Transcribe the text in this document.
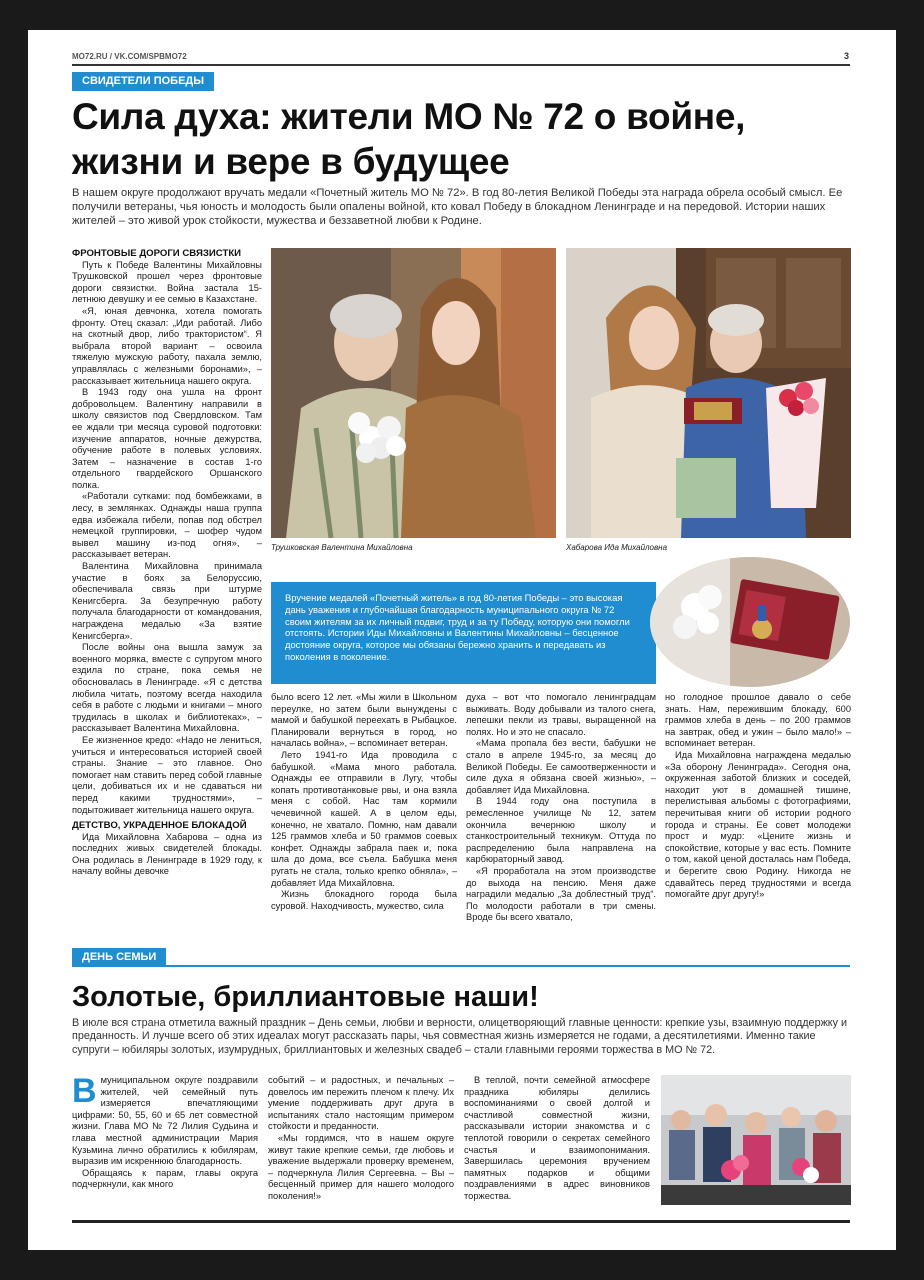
MO72.RU / VK.COM/SPBMO72	3
СВИДЕТЕЛИ ПОБЕДЫ
Сила духа: жители МО № 72 о войне, жизни и вере в будущее
В нашем округе продолжают вручать медали «Почетный житель МО № 72». В год 80-летия Великой Победы эта награда обрела особый смысл. Ее получили ветераны, чья юность и молодость были опалены войной, кто ковал Победу в блокадном Ленинграде и на передовой. Истории наших жителей – это живой урок стойкости, мужества и беззаветной любви к Родине.

ФРОНТОВЫЕ ДОРОГИ СВЯЗИСТКИ

Путь к Победе Валентины Михайловны Трушковской прошел через фронтовые дороги связистки. Война застала 15-летнюю девушку и ее семью в Казахстане.

«Я, юная девчонка, хотела помогать фронту. Отец сказал: „Иди работай. Либо на скотный двор, либо трактористом“. Я выбрала второй вариант – освоила тяжелую мужскую работу, пахала землю, управлялась с железными боронами», – рассказывает жительница нашего округа.

В 1943 году она ушла на фронт добровольцем. Валентину направили в школу связистов под Свердловском. Там ее ждали три месяца суровой подготовки: изучение аппаратов, ночные дежурства, обучение работе в полевых условиях. Затем – назначение в состав 1-го отдельного гвардейского Оршанского полка.

«Работали сутками: под бомбежками, в лесу, в землянках. Однажды наша группа едва избежала гибели, попав под обстрел немецкой группировки, – шофер чудом вывел машину из-под огня», – рассказывает ветеран.

Валентина Михайловна принимала участие в боях за Белоруссию, обеспечивала связь при штурме Кенигсберга. За безупречную работу получала благодарности от командования, награждена медалью «За взятие Кенигсберга».

После войны она вышла замуж за военного моряка, вместе с супругом много ездила по стране, пока семья не обосновалась в Ленинграде. «Я с детства любила читать, поэтому всегда находила себя в работе с людьми и книгами – много трудилась в школах и библиотеках», – рассказывает Валентина Михайловна.

Ее жизненное кредо: «Надо не лениться, учиться и интересоваться историей своей страны. Знание – это главное. Оно помогает нам ставить перед собой главные цели, добиваться их и не сдаваться ни перед какими трудностями», – подытоживает жительница нашего округа.

ДЕТСТВО, УКРАДЕННОЕ БЛОКАДОЙ

Ида Михайловна Хабарова – одна из последних живых свидетелей блокады. Она родилась в Ленинграде в 1929 году, к началу войны девочке

Трушковская Валентина Михайловна	Хабарова Ида Михайловна
Вручение медалей «Почетный житель» в год 80-летия Победы – это высокая дань уважения и глубочайшая благодарность муниципального округа № 72 своим жителям за их личный подвиг, труд и за ту Победу, которую они помогли отстоять. Истории Иды Михайловны и Валентины Михайловны – бесценное достояние округа, которое мы обязаны бережно хранить и передавать из поколения в поколение.

было всего 12 лет. «Мы жили в Школьном переулке, но затем были вынуждены с мамой и бабушкой переехать в Рыбацкое. Планировали вернуться в город, но началась война», – вспоминает ветеран.

Лето 1941-го Ида проводила с бабушкой. «Мама много работала. Однажды ее отправили в Лугу, чтобы копать противотанковые рвы, и она взяла меня с собой. Нас там кормили чечевичной кашей. А в целом еды, конечно, не хватало. Помню, нам давали 125 граммов хлеба и 50 граммов соевых конфет. Однажды забрала паек и, пока шла до дома, все съела. Бабушка меня ругать не стала, только крепко обняла», – добавляет Ида Михайловна.

Жизнь блокадного города была суровой. Находчивость, мужество, сила

духа – вот что помогало ленинградцам выживать. Воду добывали из талого снега, лепешки пекли из травы, выращенной на полях. Но и это не спасало.

«Мама пропала без вести, бабушки не стало в апреле 1945-го, за месяц до Великой Победы. Ее самоотверженности и силе духа я обязана своей жизнью», – добавляет Ида Михайловна.

В 1944 году она поступила в ремесленное училище № 12, затем окончила вечернюю школу и станкостроительный техникум. Оттуда по распределению была направлена на карбюраторный завод.

«Я проработала на этом производстве до выхода на пенсию. Меня даже наградили медалью „За доблестный труд“. По молодости работали в три смены. Вроде бы всего хватало,

но голодное прошлое давало о себе знать. Нам, пережившим блокаду, 600 граммов хлеба в день – по 200 граммов на завтрак, обед и ужин – было мало!» – вспоминает ветеран.

Ида Михайловна награждена медалью «За оборону Ленинграда». Сегодня она, окруженная заботой близких и соседей, находит уют в домашней тишине, перелистывая альбомы с фотографиями, перечитывая книги об истории родного города и страны. Ее совет молодежи прост и мудр: «Цените жизнь и спокойствие, которые у вас есть. Помните о том, какой ценой досталась нам Победа, и берегите свою Родину. Никогда не сдавайтесь перед трудностями и всегда помогайте друг другу!»

ДЕНЬ СЕМЬИ
Золотые, бриллиантовые наши!
В июле вся страна отметила важный праздник – День семьи, любви и верности, олицетворяющий главные ценности: крепкие узы, взаимную поддержку и преданность. И лучше всего об этих идеалах могут рассказать пары, чья совместная жизнь измеряется не годами, а десятилетиями. Именно такие супруги – юбиляры золотых, изумрудных, бриллиантовых и железных свадеб – стали главными героями торжества в МО № 72.
В муниципальном округе поздравили жителей, чей семейный путь измеряется впечатляющими цифрами: 50, 55, 60 и 65 лет совместной жизни. Глава МО № 72 Лилия Судьина и глава местной администрации Мария Кузьмина лично обратились к юбилярам, выразив им искреннюю благодарность.

Обращаясь к парам, главы округа подчеркнули, как много

событий – и радостных, и печальных – довелось им пережить плечом к плечу. Их умение поддерживать друг друга в испытаниях стало настоящим примером стойкости и преданности.

«Мы гордимся, что в нашем округе живут такие крепкие семьи, где любовь и уважение выдержали проверку временем, – подчеркнула Лилия Сергеевна. – Вы – бесценный пример для нашего молодого поколения!»

В теплой, почти семейной атмосфере праздника юбиляры делились воспоминаниями о своей долгой и счастливой совместной жизни, рассказывали истории знакомства и с теплотой говорили о секретах семейного счастья и взаимопонимания. Завершилась церемония вручением памятных подарков и общими поздравлениями в адрес виновников торжества.
